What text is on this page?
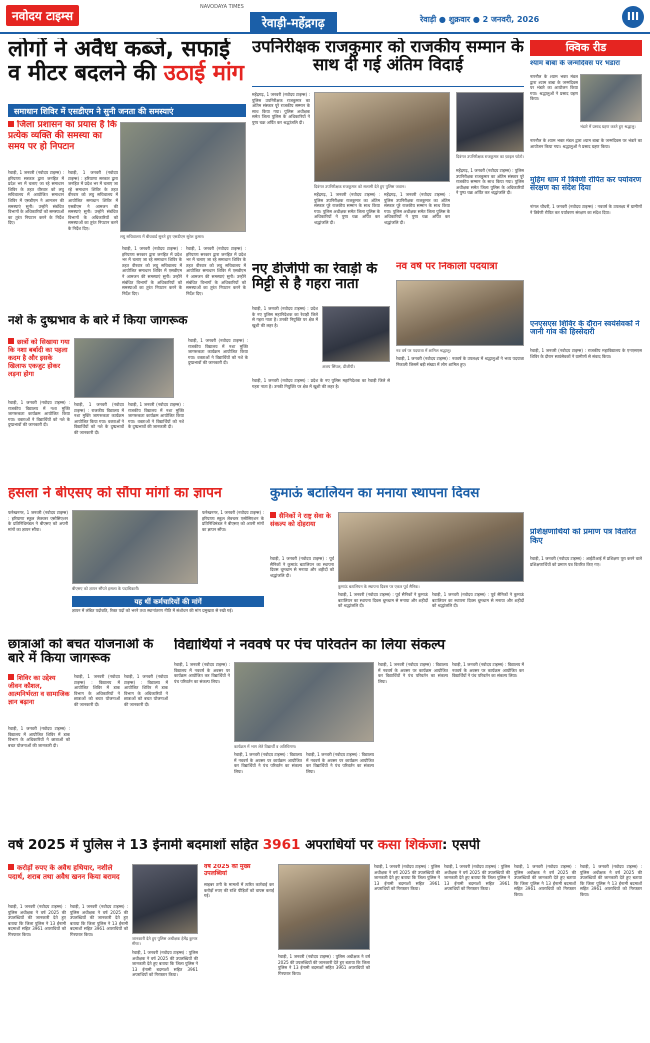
नवोदय टाइम्स
NAVODAYA TIMES
रेवाड़ी-महेंद्रगढ़	रेवाड़ी ● शुक्रवार ● 2 जनवरी, 2026	III
लोगों ने अवैध कब्जे, सफाई व मीटर बदलने की उठाई मांग
समाधान शिविर में एसडीएम ने सुनी जनता की समस्याएं
जिला प्रशासन का प्रयास है कि प्रत्येक व्यक्ति की समस्या का समय पर हो निपटान
रेवाड़ी, 1 जनवरी (नवोदय टाइम्स) : हरियाणा सरकार द्वारा जनहित में प्रदेश भर में चलाए जा रहे समाधान शिविर के तहत वीरवार को लघु सचिवालय में आयोजित समाधान शिविर में एसडीएम ने आमजन की समस्याएं सुनी। उन्होंने संबंधित विभागों के अधिकारियों को समस्याओं का तुरंत निपटान करने के निर्देश दिए।
लघु सचिवालय में बीचवार्ड सुनते हुए एसडीएम सुरेश कुमार।
रेवाड़ी, 1 जनवरी (नवोदय टाइम्स) : हरियाणा सरकार द्वारा जनहित में प्रदेश भर में चलाए जा रहे समाधान शिविर के तहत वीरवार को लघु सचिवालय में आयोजित समाधान शिविर में एसडीएम ने आमजन की समस्याएं सुनी। उन्होंने संबंधित विभागों के अधिकारियों को समस्याओं का तुरंत निपटान करने के निर्देश दिए।
रेवाड़ी, 1 जनवरी (नवोदय टाइम्स) : हरियाणा सरकार द्वारा जनहित में प्रदेश भर में चलाए जा रहे समाधान शिविर के तहत वीरवार को लघु सचिवालय में आयोजित समाधान शिविर में एसडीएम ने आमजन की समस्याएं सुनी। उन्होंने संबंधित विभागों के अधिकारियों को समस्याओं का तुरंत निपटान करने के निर्देश दिए।
रेवाड़ी, 1 जनवरी (नवोदय टाइम्स) : हरियाणा सरकार द्वारा जनहित में प्रदेश भर में चलाए जा रहे समाधान शिविर के तहत वीरवार को लघु सचिवालय में आयोजित समाधान शिविर में एसडीएम ने आमजन की समस्याएं सुनी। उन्होंने संबंधित विभागों के अधिकारियों को समस्याओं का तुरंत निपटान करने के निर्देश दिए।
उपनिरीक्षक राजकुमार को राजकीय सम्मान के साथ दी गई अंतिम विदाई
महेंद्रगढ़, 1 जनवरी (नवोदय टाइम्स) : पुलिस उपनिरीक्षक राजकुमार का अंतिम संस्कार पूरे राजकीय सम्मान के साथ किया गया। पुलिस अधीक्षक समेत जिला पुलिस के अधिकारियों ने पुष्प चक्र अर्पित कर श्रद्धांजलि दी।
दिवंगत उपनिरीक्षक राजकुमार को सलामी देते हुए पुलिस जवान।
दिवंगत उपनिरीक्षक राजकुमार का फ़ाइल फोटो।
महेंद्रगढ़, 1 जनवरी (नवोदय टाइम्स) : पुलिस उपनिरीक्षक राजकुमार का अंतिम संस्कार पूरे राजकीय सम्मान के साथ किया गया। पुलिस अधीक्षक समेत जिला पुलिस के अधिकारियों ने पुष्प चक्र अर्पित कर श्रद्धांजलि दी।
महेंद्रगढ़, 1 जनवरी (नवोदय टाइम्स) : पुलिस उपनिरीक्षक राजकुमार का अंतिम संस्कार पूरे राजकीय सम्मान के साथ किया गया। पुलिस अधीक्षक समेत जिला पुलिस के अधिकारियों ने पुष्प चक्र अर्पित कर श्रद्धांजलि दी।
महेंद्रगढ़, 1 जनवरी (नवोदय टाइम्स) : पुलिस उपनिरीक्षक राजकुमार का अंतिम संस्कार पूरे राजकीय सम्मान के साथ किया गया। पुलिस अधीक्षक समेत जिला पुलिस के अधिकारियों ने पुष्प चक्र अर्पित कर श्रद्धांजलि दी।
क्विक रीड
श्याम बाबा के जन्मदिवस पर भंडारा
नारनौल के श्याम भक्त मंडल द्वारा श्याम बाबा के जन्मदिवस पर भंडारे का आयोजन किया गया। श्रद्धालुओं ने प्रसाद ग्रहण किया।
भंडारे में प्रसाद ग्रहण करते हुए श्रद्धालु।
नारनौल के श्याम भक्त मंडल द्वारा श्याम बाबा के जन्मदिवस पर भंडारे का आयोजन किया गया। श्रद्धालुओं ने प्रसाद ग्रहण किया।
मुहिम धाम में त्रिवेणी रोपित कर पर्यावरण संरक्षण का संदेश दिया
नांगल चौधरी, 1 जनवरी (नवोदय टाइम्स) : नववर्ष के उपलक्ष्य में ग्रामीणों ने त्रिवेणी रोपित कर पर्यावरण संरक्षण का संदेश दिया।
एनएसएस शिविर के दौरान स्वयंसेवकों ने जानी गांव की हिस्सेदारी
रेवाड़ी, 1 जनवरी (नवोदय टाइम्स) : राजकीय महाविद्यालय के एनएसएस शिविर के दौरान स्वयंसेवकों ने ग्रामीणों से संवाद किया।
प्रशिक्षणार्थियों को प्रमाण पत्र वितरित किए
रेवाड़ी, 1 जनवरी (नवोदय टाइम्स) : आईटीआई में प्रशिक्षण पूरा करने वाले प्रशिक्षणार्थियों को प्रमाण पत्र वितरित किए गए।
नशे के दुष्प्रभाव के बारे में किया जागरूक
छात्रों को सिखाया गया कि नशा बर्बादी का पहला कदम है और इसके खिलाफ एकजुट होकर लड़ना होगा
रेवाड़ी, 1 जनवरी (नवोदय टाइम्स) : राजकीय विद्यालय में नशा मुक्ति जागरूकता कार्यक्रम आयोजित किया गया। वक्ताओं ने विद्यार्थियों को नशे के दुष्प्रभावों की जानकारी दी।
रेवाड़ी, 1 जनवरी (नवोदय टाइम्स) : राजकीय विद्यालय में नशा मुक्ति जागरूकता कार्यक्रम आयोजित किया गया। वक्ताओं ने विद्यार्थियों को नशे के दुष्प्रभावों की जानकारी दी।
रेवाड़ी, 1 जनवरी (नवोदय टाइम्स) : राजकीय विद्यालय में नशा मुक्ति जागरूकता कार्यक्रम आयोजित किया गया। वक्ताओं ने विद्यार्थियों को नशे के दुष्प्रभावों की जानकारी दी।
रेवाड़ी, 1 जनवरी (नवोदय टाइम्स) : राजकीय विद्यालय में नशा मुक्ति जागरूकता कार्यक्रम आयोजित किया गया। वक्ताओं ने विद्यार्थियों को नशे के दुष्प्रभावों की जानकारी दी।
नए डीजीपी का रेवाड़ी के मिट्टी से है गहरा नाता
रेवाड़ी, 1 जनवरी (नवोदय टाइम्स) : प्रदेश के नए पुलिस महानिदेशक का रेवाड़ी जिले से गहरा नाता है। उनकी नियुक्ति पर क्षेत्र में खुशी की लहर है।
अजय सिंघल, डीजीपी।
रेवाड़ी, 1 जनवरी (नवोदय टाइम्स) : प्रदेश के नए पुलिस महानिदेशक का रेवाड़ी जिले से गहरा नाता है। उनकी नियुक्ति पर क्षेत्र में खुशी की लहर है।
नव वर्ष पर निकाली पदयात्रा
नव वर्ष पर पदयात्रा में शामिल श्रद्धालु।
रेवाड़ी, 1 जनवरी (नवोदय टाइम्स) : नववर्ष के उपलक्ष्य में श्रद्धालुओं ने भव्य पदयात्रा निकाली जिसमें बड़ी संख्या में लोग शामिल हुए।
हसला ने बीएसए को सौंपा मांगों का ज्ञापन
फर्रुखनगर, 1 जनवरी (नवोदय टाइम्स) : हरियाणा स्कूल लेक्चरर एसोसिएशन के प्रतिनिधिमंडल ने बीएसए को अपनी मांगों का ज्ञापन सौंपा।
बीएसए को ज्ञापन सौंपते हसला के पदाधिकारी।
फर्रुखनगर, 1 जनवरी (नवोदय टाइम्स) : हरियाणा स्कूल लेक्चरर एसोसिएशन के प्रतिनिधिमंडल ने बीएसए को अपनी मांगों का ज्ञापन सौंपा।
यह थीं कर्मचारियों की मांगें
ज्ञापन में लंबित पदोन्नति, रिक्त पदों को भरने तथा स्थानांतरण नीति में संशोधन की मांग प्रमुखता से रखी गई।
कुमाऊं बटालियन का मनाया स्थापना दिवस
सैनिकों ने राष्ट्र सेवा के संकल्प को दोहराया
रेवाड़ी, 1 जनवरी (नवोदय टाइम्स) : पूर्व सैनिकों ने कुमाऊं बटालियन का स्थापना दिवस धूमधाम से मनाया और शहीदों को श्रद्धांजलि दी।
कुमाऊं बटालियन के स्थापना दिवस पर एकत्र पूर्व सैनिक।
रेवाड़ी, 1 जनवरी (नवोदय टाइम्स) : पूर्व सैनिकों ने कुमाऊं बटालियन का स्थापना दिवस धूमधाम से मनाया और शहीदों को श्रद्धांजलि दी।
रेवाड़ी, 1 जनवरी (नवोदय टाइम्स) : पूर्व सैनिकों ने कुमाऊं बटालियन का स्थापना दिवस धूमधाम से मनाया और शहीदों को श्रद्धांजलि दी।
छात्राओं को बचत योजनाओं के बारे में किया जागरूक
शिविर का उद्देश्य जीवन कौशल, आत्मनिर्भरता व सामाजिक ज्ञान बढ़ाना
रेवाड़ी, 1 जनवरी (नवोदय टाइम्स) : विद्यालय में आयोजित शिविर में डाक विभाग के अधिकारियों ने छात्राओं को बचत योजनाओं की जानकारी दी।
रेवाड़ी, 1 जनवरी (नवोदय टाइम्स) : विद्यालय में आयोजित शिविर में डाक विभाग के अधिकारियों ने छात्राओं को बचत योजनाओं की जानकारी दी।
रेवाड़ी, 1 जनवरी (नवोदय टाइम्स) : विद्यालय में आयोजित शिविर में डाक विभाग के अधिकारियों ने छात्राओं को बचत योजनाओं की जानकारी दी।
विद्यार्थियों ने नववर्ष पर पंच परिवर्तन का लिया संकल्प
रेवाड़ी, 1 जनवरी (नवोदय टाइम्स) : विद्यालय में नववर्ष के अवसर पर कार्यक्रम आयोजित कर विद्यार्थियों ने पंच परिवर्तन का संकल्प लिया।
कार्यक्रम में भाग लेते विद्यार्थी व अतिथिगण।
रेवाड़ी, 1 जनवरी (नवोदय टाइम्स) : विद्यालय में नववर्ष के अवसर पर कार्यक्रम आयोजित कर विद्यार्थियों ने पंच परिवर्तन का संकल्प लिया।
रेवाड़ी, 1 जनवरी (नवोदय टाइम्स) : विद्यालय में नववर्ष के अवसर पर कार्यक्रम आयोजित कर विद्यार्थियों ने पंच परिवर्तन का संकल्प लिया।
रेवाड़ी, 1 जनवरी (नवोदय टाइम्स) : विद्यालय में नववर्ष के अवसर पर कार्यक्रम आयोजित कर विद्यार्थियों ने पंच परिवर्तन का संकल्प लिया।
रेवाड़ी, 1 जनवरी (नवोदय टाइम्स) : विद्यालय में नववर्ष के अवसर पर कार्यक्रम आयोजित कर विद्यार्थियों ने पंच परिवर्तन का संकल्प लिया।
वर्ष 2025 में पुलिस ने 13 ईनामी बदमाशों सहित 3961 अपराधियों पर कसा शिकंजा: एसपी
करोड़ों रुपए के अवैध हथियार, नशीले पदार्थ, शराब तथा अवैध खनन किया बरामद
रेवाड़ी, 1 जनवरी (नवोदय टाइम्स) : पुलिस अधीक्षक ने वर्ष 2025 की उपलब्धियों की जानकारी देते हुए बताया कि जिला पुलिस ने 13 ईनामी बदमाशों सहित 3961 अपराधियों को गिरफ्तार किया।
रेवाड़ी, 1 जनवरी (नवोदय टाइम्स) : पुलिस अधीक्षक ने वर्ष 2025 की उपलब्धियों की जानकारी देते हुए बताया कि जिला पुलिस ने 13 ईनामी बदमाशों सहित 3961 अपराधियों को गिरफ्तार किया।
जानकारी देते हुए पुलिस अधीक्षक हेमेंद्र कुमार मीणा।
रेवाड़ी, 1 जनवरी (नवोदय टाइम्स) : पुलिस अधीक्षक ने वर्ष 2025 की उपलब्धियों की जानकारी देते हुए बताया कि जिला पुलिस ने 13 ईनामी बदमाशों सहित 3961 अपराधियों को गिरफ्तार किया।
वर्ष 2025 की मुख्य उपलब्धियां
साइबर ठगी के मामलों में त्वरित कार्रवाई कर करोड़ों रुपए की राशि पीड़ितों को वापस कराई गई।
रेवाड़ी, 1 जनवरी (नवोदय टाइम्स) : पुलिस अधीक्षक ने वर्ष 2025 की उपलब्धियों की जानकारी देते हुए बताया कि जिला पुलिस ने 13 ईनामी बदमाशों सहित 3961 अपराधियों को गिरफ्तार किया।
रेवाड़ी, 1 जनवरी (नवोदय टाइम्स) : पुलिस अधीक्षक ने वर्ष 2025 की उपलब्धियों की जानकारी देते हुए बताया कि जिला पुलिस ने 13 ईनामी बदमाशों सहित 3961 अपराधियों को गिरफ्तार किया।
रेवाड़ी, 1 जनवरी (नवोदय टाइम्स) : पुलिस अधीक्षक ने वर्ष 2025 की उपलब्धियों की जानकारी देते हुए बताया कि जिला पुलिस ने 13 ईनामी बदमाशों सहित 3961 अपराधियों को गिरफ्तार किया।
रेवाड़ी, 1 जनवरी (नवोदय टाइम्स) : पुलिस अधीक्षक ने वर्ष 2025 की उपलब्धियों की जानकारी देते हुए बताया कि जिला पुलिस ने 13 ईनामी बदमाशों सहित 3961 अपराधियों को गिरफ्तार किया।
रेवाड़ी, 1 जनवरी (नवोदय टाइम्स) : पुलिस अधीक्षक ने वर्ष 2025 की उपलब्धियों की जानकारी देते हुए बताया कि जिला पुलिस ने 13 ईनामी बदमाशों सहित 3961 अपराधियों को गिरफ्तार किया।
